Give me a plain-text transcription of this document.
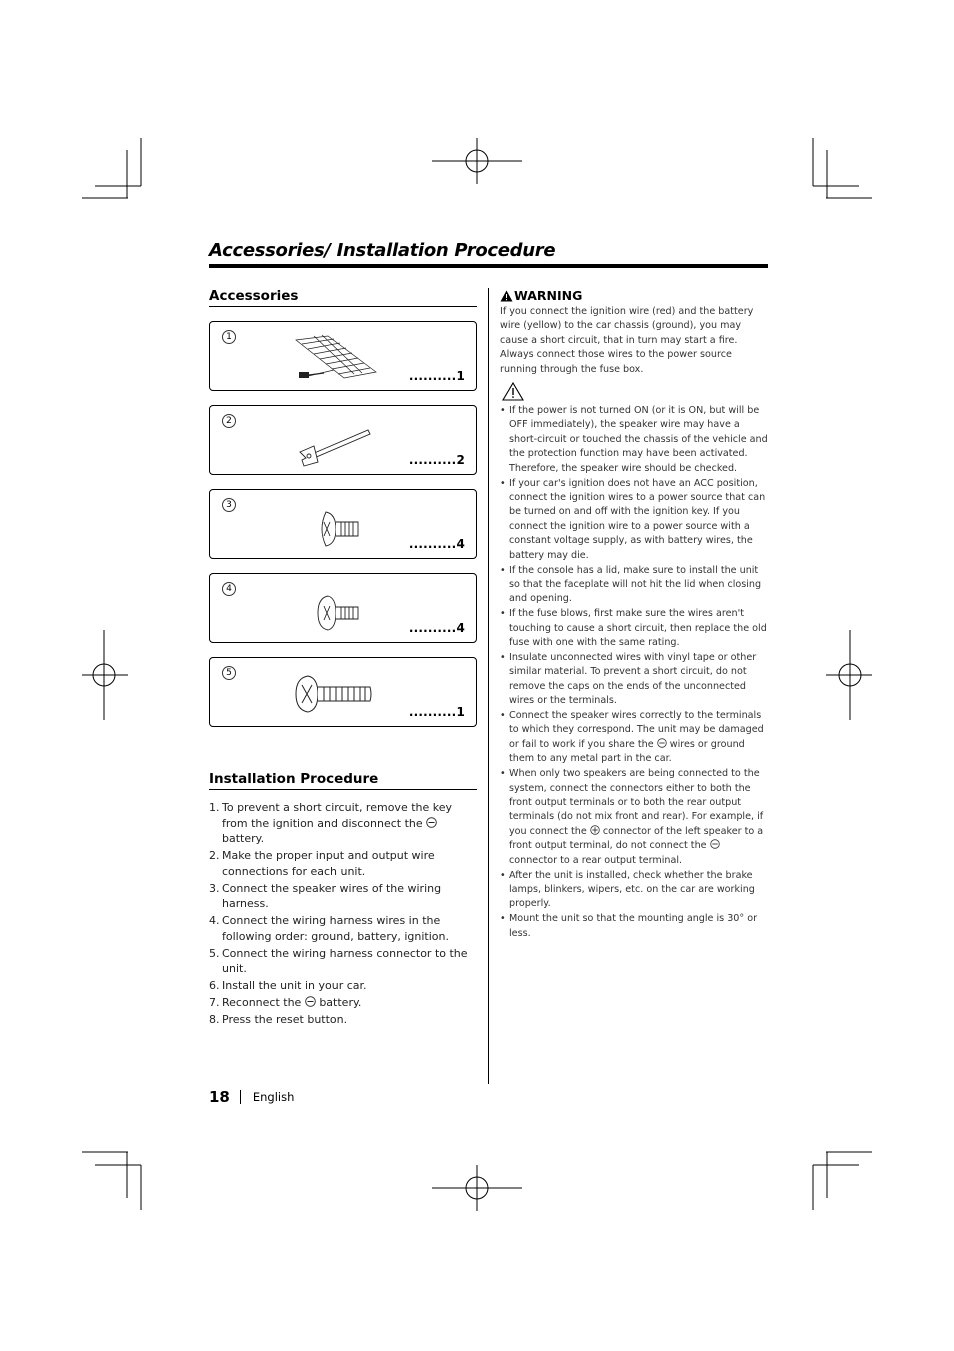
Accessories/ Installation Procedure
Accessories
1
..........1
2
..........2
3
..........4
4
..........4
5
..........1
Installation Procedure
1. To prevent a short circuit, remove the key from the ignition and disconnect the  battery.
2. Make the proper input and output wire connections for each unit.
3. Connect the speaker wires of the wiring harness.
4. Connect the wiring harness wires in the following order: ground, battery, ignition.
5. Connect the wiring harness connector to the unit.
6. Install the unit in your car.
7. Reconnect the battery.
8. Press the reset button.
WARNING

If you connect the ignition wire (red) and the battery wire (yellow) to the car chassis (ground), you may cause a short circuit, that in turn may start a fire. Always connect those wires to the power source running through the fuse box.

• If the power is not turned ON (or it is ON, but will be OFF immediately), the speaker wire may have a short-circuit or touched the chassis of the vehicle and the protection function may have been activated. Therefore, the speaker wire should be checked.
• If your car's ignition does not have an ACC position, connect the ignition wires to a power source that can be turned on and off with the ignition key. If you connect the ignition wire to a power source with a constant voltage supply, as with battery wires, the battery may die.
• If the console has a lid, make sure to install the unit so that the faceplate will not hit the lid when closing and opening.
• If the fuse blows, first make sure the wires aren't touching to cause a short circuit, then replace the old fuse with one with the same rating.
• Insulate unconnected wires with vinyl tape or other similar material. To prevent a short circuit, do not remove the caps on the ends of the unconnected wires or the terminals.
• Connect the speaker wires correctly to the terminals to which they correspond. The unit may be damaged or fail to work if you share the wires or ground them to any metal part in the car.
• When only two speakers are being connected to the system, connect the connectors either to both the front output terminals or to both the rear output terminals (do not mix front and rear). For example, if you connect the connector of the left speaker to a front output terminal, do not connect the  connector to a rear output terminal.
• After the unit is installed, check whether the brake lamps, blinkers, wipers, etc. on the car are working properly.
• Mount the unit so that the mounting angle is 30° or less.
18 English
